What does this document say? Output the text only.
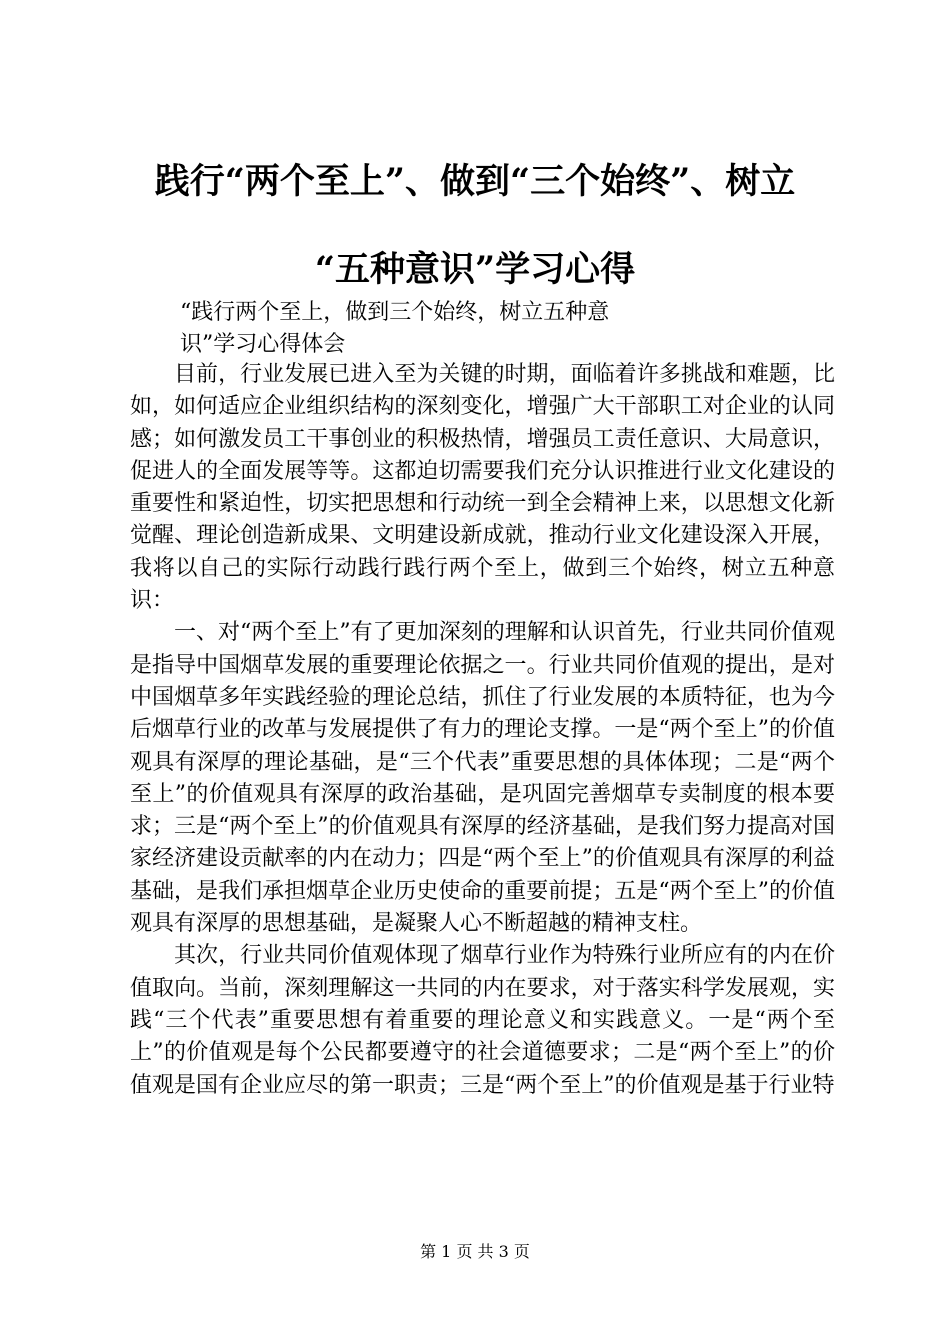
践行“两个至上”、做到“三个始终”、树立
“五种意识”学习心得

“践行两个至上，做到三个始终，树立五种意

识”学习心得体会

目前，行业发展已进入至为关键的时期，面临着许多挑战和难题，比如，如何适应企业组织结构的深刻变化，增强广大干部职工对企业的认同感；如何激发员工干事创业的积极热情，增强员工责任意识、大局意识，促进人的全面发展等等。这都迫切需要我们充分认识推进行业文化建设的重要性和紧迫性，切实把思想和行动统一到全会精神上来，以思想文化新觉醒、理论创造新成果、文明建设新成就，推动行业文化建设深入开展，我将以自己的实际行动践行践行两个至上，做到三个始终，树立五种意识：

一、对“两个至上”有了更加深刻的理解和认识首先，行业共同价值观是指导中国烟草发展的重要理论依据之一。行业共同价值观的提出，是对中国烟草多年实践经验的理论总结，抓住了行业发展的本质特征，也为今后烟草行业的改革与发展提供了有力的理论支撑。一是“两个至上”的价值观具有深厚的理论基础，是“三个代表”重要思想的具体体现；二是“两个至上”的价值观具有深厚的政治基础，是巩固完善烟草专卖制度的根本要求；三是“两个至上”的价值观具有深厚的经济基础，是我们努力提高对国家经济建设贡献率的内在动力；四是“两个至上”的价值观具有深厚的利益基础，是我们承担烟草企业历史使命的重要前提；五是“两个至上”的价值观具有深厚的思想基础，是凝聚人心不断超越的精神支柱。

其次，行业共同价值观体现了烟草行业作为特殊行业所应有的内在价值取向。当前，深刻理解这一共同的内在要求，对于落实科学发展观，实践“三个代表”重要思想有着重要的理论意义和实践意义。一是“两个至上”的价值观是每个公民都要遵守的社会道德要求；二是“两个至上”的价值观是国有企业应尽的第一职责；三是“两个至上”的价值观是基于行业特

第 1 页 共 3 页
